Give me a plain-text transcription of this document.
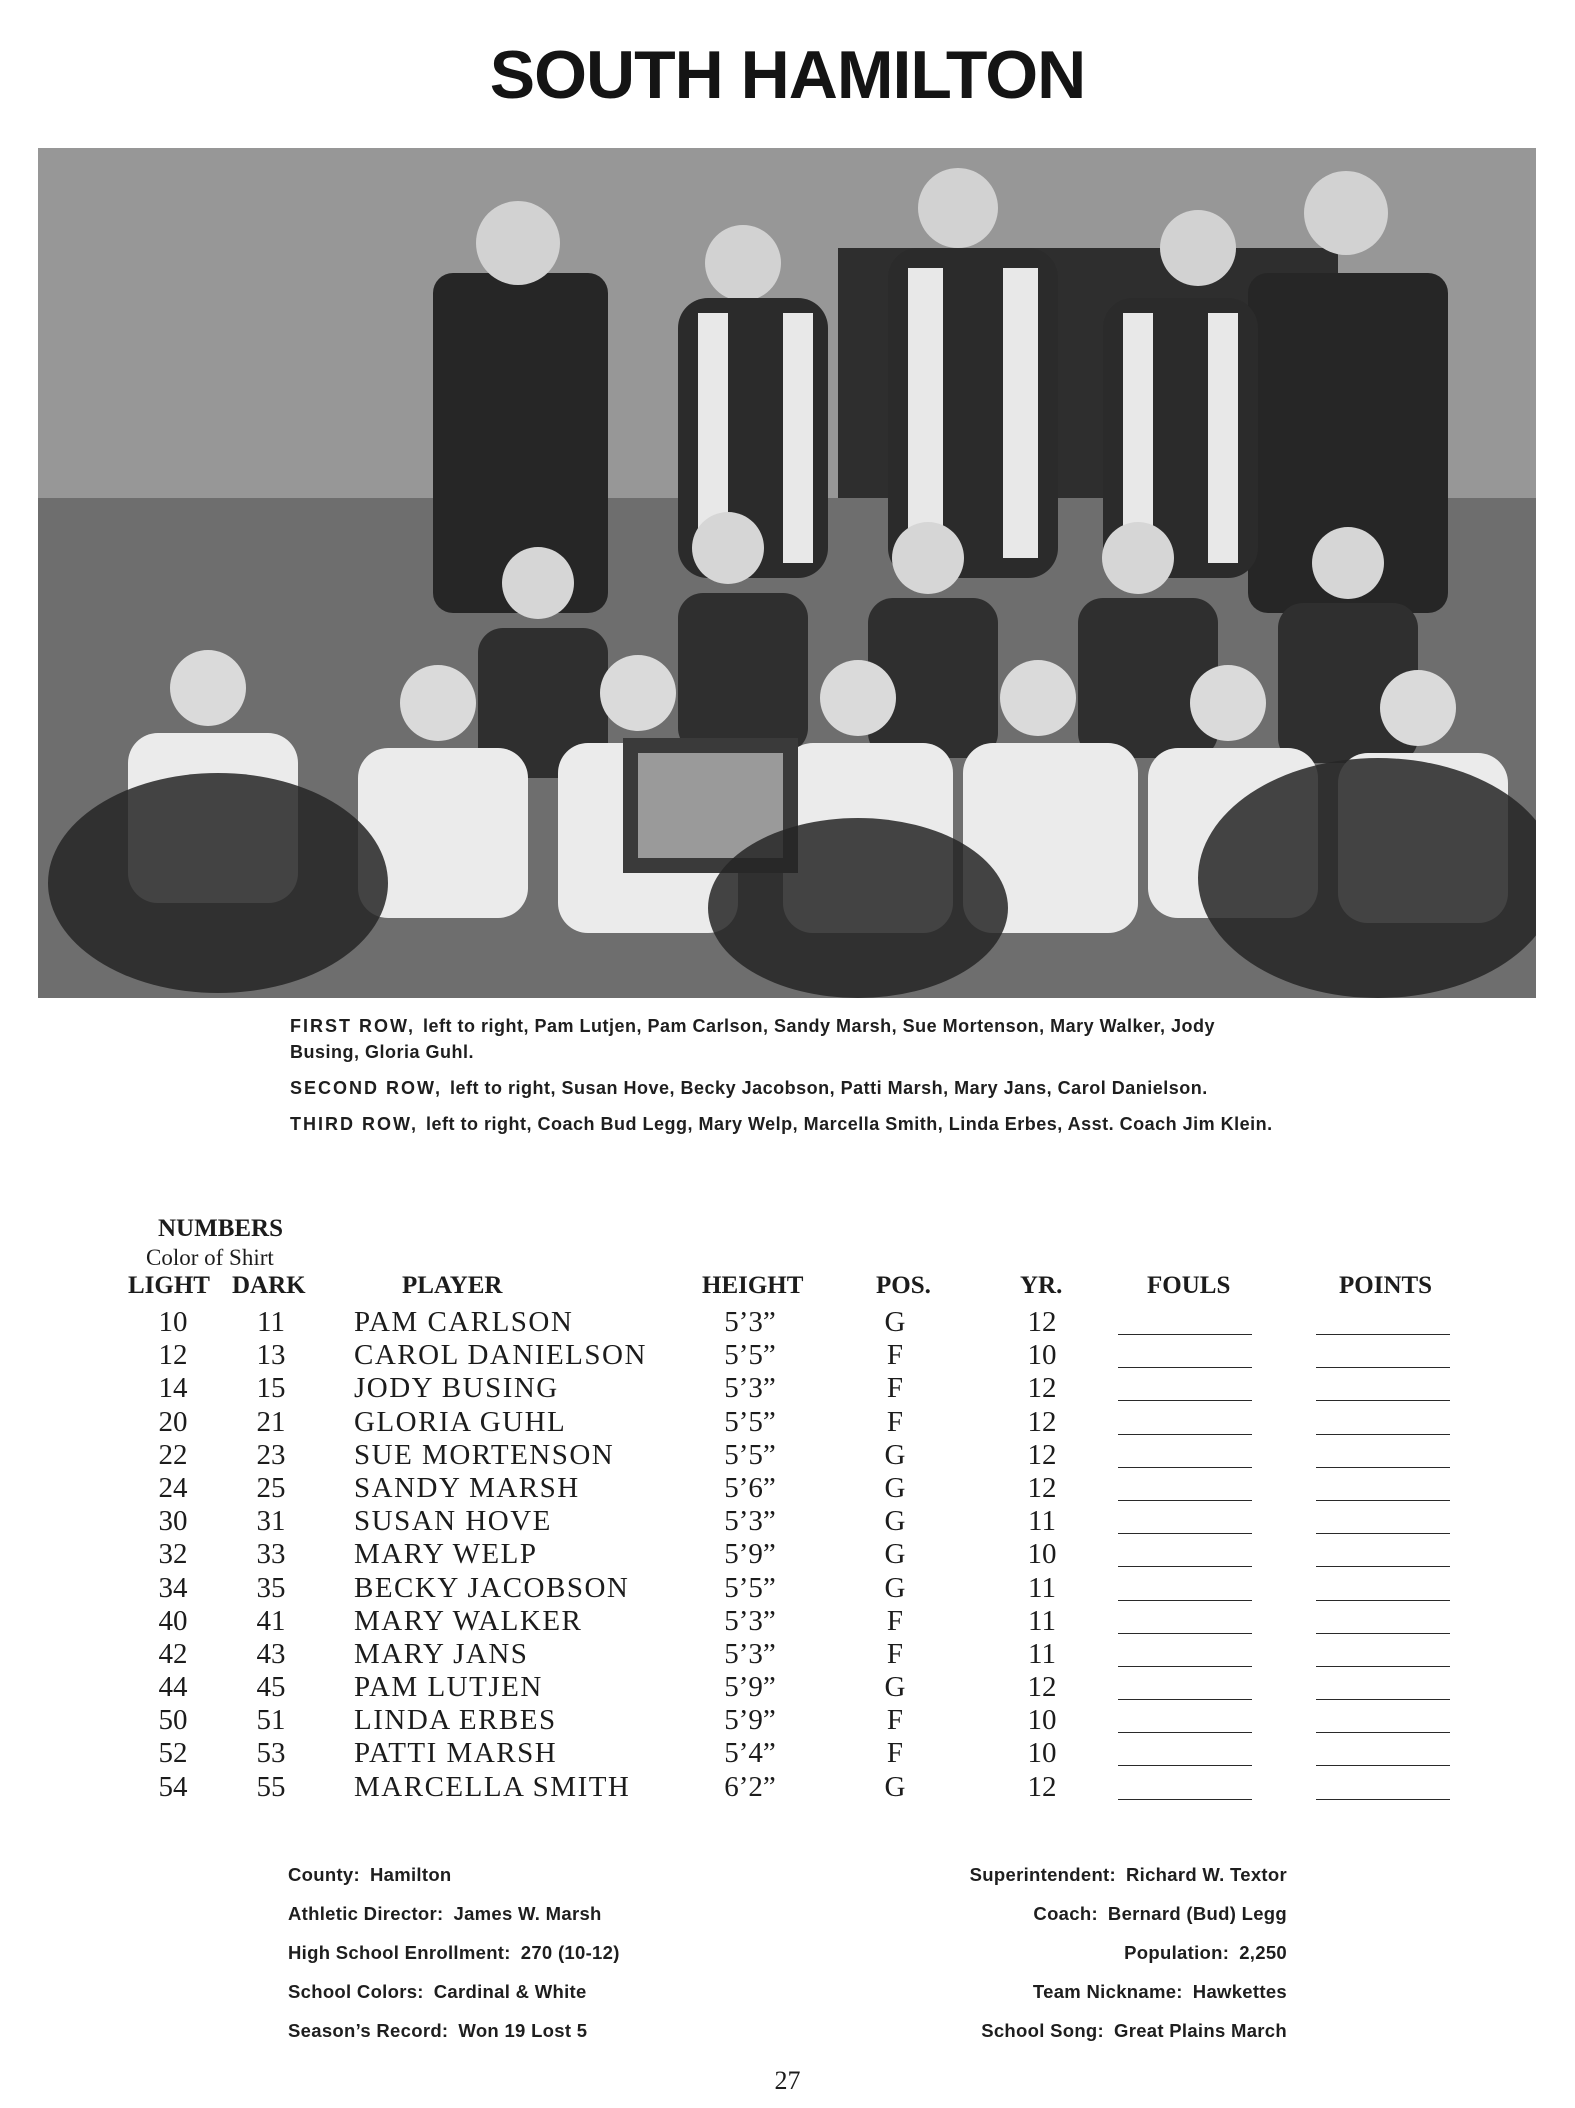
SOUTH HAMILTON
FIRST ROW, left to right, Pam Lutjen, Pam Carlson, Sandy Marsh, Sue Mortenson, Mary Walker, Jody Busing, Gloria Guhl.
SECOND ROW, left to right, Susan Hove, Becky Jacobson, Patti Marsh, Mary Jans, Carol Danielson.
THIRD ROW, left to right, Coach Bud Legg, Mary Welp, Marcella Smith, Linda Erbes, Asst. Coach Jim Klein.
NUMBERS
Color of Shirt
LIGHT DARK	PLAYER	HEIGHT	POS.	YR.	FOULS	POINTS
10	11	PAM CARLSON	5’3”	G	12
12	13	CAROL DANIELSON	5’5”	F	10
14	15	JODY BUSING	5’3”	F	12
20	21	GLORIA GUHL	5’5”	F	12
22	23	SUE MORTENSON	5’5”	G	12
24	25	SANDY MARSH	5’6”	G	12
30	31	SUSAN HOVE	5’3”	G	11
32	33	MARY WELP	5’9”	G	10
34	35	BECKY JACOBSON	5’5”	G	11
40	41	MARY WALKER	5’3”	F	11
42	43	MARY JANS	5’3”	F	11
44	45	PAM LUTJEN	5’9”	G	12
50	51	LINDA ERBES	5’9”	F	10
52	53	PATTI MARSH	5’4”	F	10
54	55	MARCELLA SMITH	6’2”	G	12
County: Hamilton
Athletic Director: James W. Marsh
High School Enrollment: 270 (10-12)
School Colors: Cardinal & White
Season’s Record: Won 19 Lost 5
Superintendent: Richard W. Textor
Coach: Bernard (Bud) Legg
Population: 2,250
Team Nickname: Hawkettes
School Song: Great Plains March
27
